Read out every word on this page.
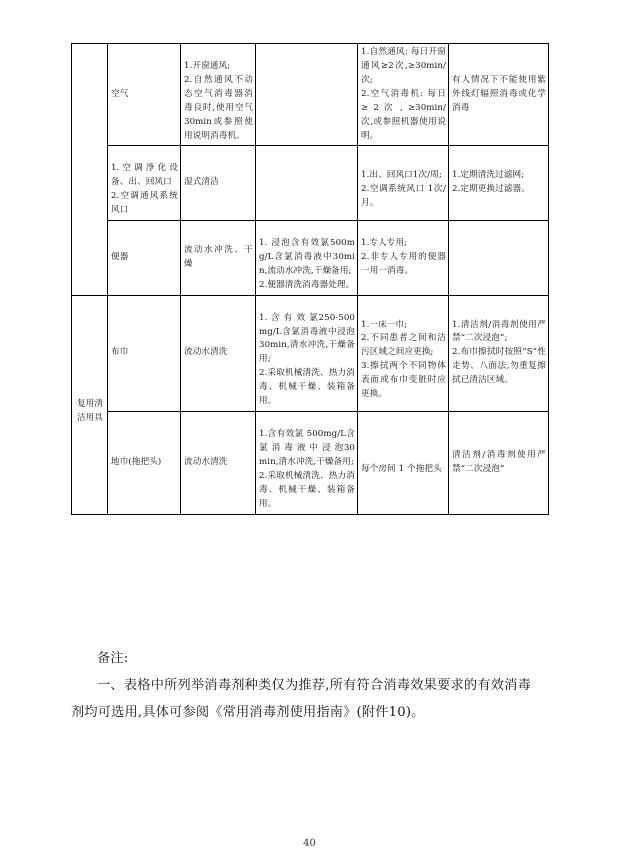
	空气	1.开窗通风;
2.自然通风不动态空气消毒器消毒良时,使用空气30min或参照使用说明消毒机。		1.自然通风: 每日开窗通风≥2次,≥30min/次;
2.空气消毒机: 每日 ≥ 2 次 , ≥30min/次,或参照机器使用说明。	有人情况下不能使用紫外线灯辐照消毒或化学消毒

1.空调净化设备、出、回风口
2.空调通风系统风口	湿式清洁		1.出、回风口1次/周;
2.空调系统风口 1次/月。	1.定期清洗过滤网;
2.定期更换过滤器。
	便器	流动水冲洗、干燥	1. 浸泡含有效氯500mg/L含氯消毒液中30min,流动水冲洗,干燥备用;
2.便器清洗消毒器处理。	1.专人专用;
2.非专人专用的便器一用一消毒。	

复用清洁用具	布巾	流动水清洗	1. 含 有 效 氯250-500mg/L含氯消毒液中浸泡 30min,清水冲洗,干燥备用;
2.采取机械清洗、热力消毒、机械干燥、装箱备用。	1.一床一巾;
2.不同患者之间和洁污区域之间应更换;
3.擦拭两个不同物体表面或布巾变脏时应更换。	1.清洁剂/消毒剂使用严禁“二次浸泡”;
2.布巾擦拭时按照“S”性走势、八面法,勿重复擦拭已清洁区域。
	地巾(拖把头)	流动水清洗	1.含有效氯 500mg/L含 氯 消 毒 液 中 浸 泡30min,清水冲洗,干燥备用;
2.采取机械清洗、热力消毒、机械干燥、装箱备用。	每个房间 1 个拖把头	清洁剂/消毒剂使用严禁“二次浸泡”
备注:
一、表格中所列举消毒剂种类仅为推荐,所有符合消毒效果要求的有效消毒剂均可选用,具体可参阅《常用消毒剂使用指南》(附件10)。
40
